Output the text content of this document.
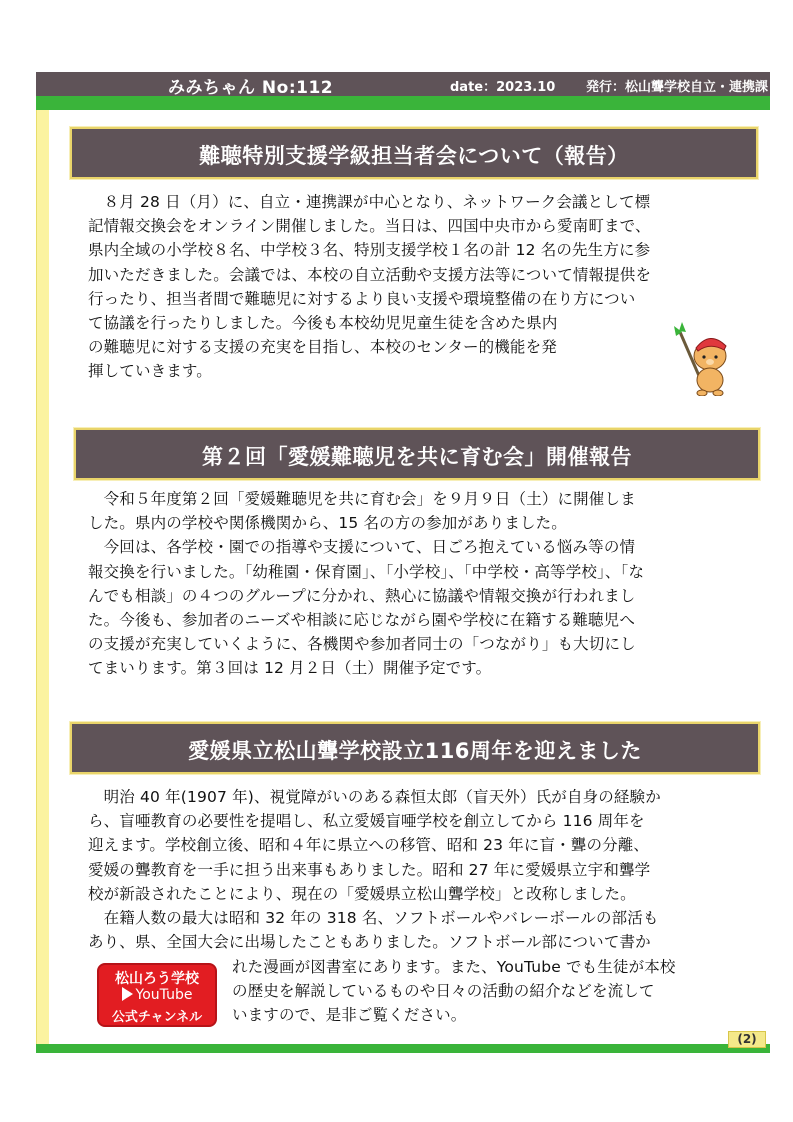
みみちゃん No:112	date：2023.10 発行：松山聾学校自立・連携課
難聴特別支援学級担当者会について（報告）
　８月 28 日（月）に、自立・連携課が中心となり、ネットワーク会議として標
記情報交換会をオンライン開催しました。当日は、四国中央市から愛南町まで、
県内全域の小学校８名、中学校３名、特別支援学校１名の計 12 名の先生方に参
加いただきました。会議では、本校の自立活動や支援方法等について情報提供を
行ったり、担当者間で難聴児に対するより良い支援や環境整備の在り方につい
て協議を行ったりしました。今後も本校幼児児童生徒を含めた県内
の難聴児に対する支援の充実を目指し、本校のセンター的機能を発
揮していきます。
第２回「愛媛難聴児を共に育む会」開催報告
　令和５年度第２回「愛媛難聴児を共に育む会」を９月９日（土）に開催しま
した。県内の学校や関係機関から、15 名の方の参加がありました。
　今回は、各学校・園での指導や支援について、日ごろ抱えている悩み等の情
報交換を行いました。「幼稚園・保育園」、「小学校」、「中学校・高等学校」、「な
んでも相談」の４つのグループに分かれ、熱心に協議や情報交換が行われまし
た。今後も、参加者のニーズや相談に応じながら園や学校に在籍する難聴児へ
の支援が充実していくように、各機関や参加者同士の「つながり」も大切にし
てまいります。第３回は 12 月２日（土）開催予定です。
愛媛県立松山聾学校設立116周年を迎えました
　明治 40 年(1907 年)、視覚障がいのある森恒太郎（盲天外）氏が自身の経験か
ら、盲唖教育の必要性を提唱し、私立愛媛盲唖学校を創立してから 116 周年を
迎えます。学校創立後、昭和４年に県立への移管、昭和 23 年に盲・聾の分離、
愛媛の聾教育を一手に担う出来事もありました。昭和 27 年に愛媛県立宇和聾学
校が新設されたことにより、現在の「愛媛県立松山聾学校」と改称しました。
　在籍人数の最大は昭和 32 年の 318 名、ソフトボールやバレーボールの部活も
あり、県、全国大会に出場したこともありました。ソフトボール部について書か
れた漫画が図書室にあります。また、YouTube でも生徒が本校
の歴史を解説しているものや日々の活動の紹介などを流して
いますので、是非ご覧ください。
松山ろう学校
YouTube
公式チャンネル
(2)
